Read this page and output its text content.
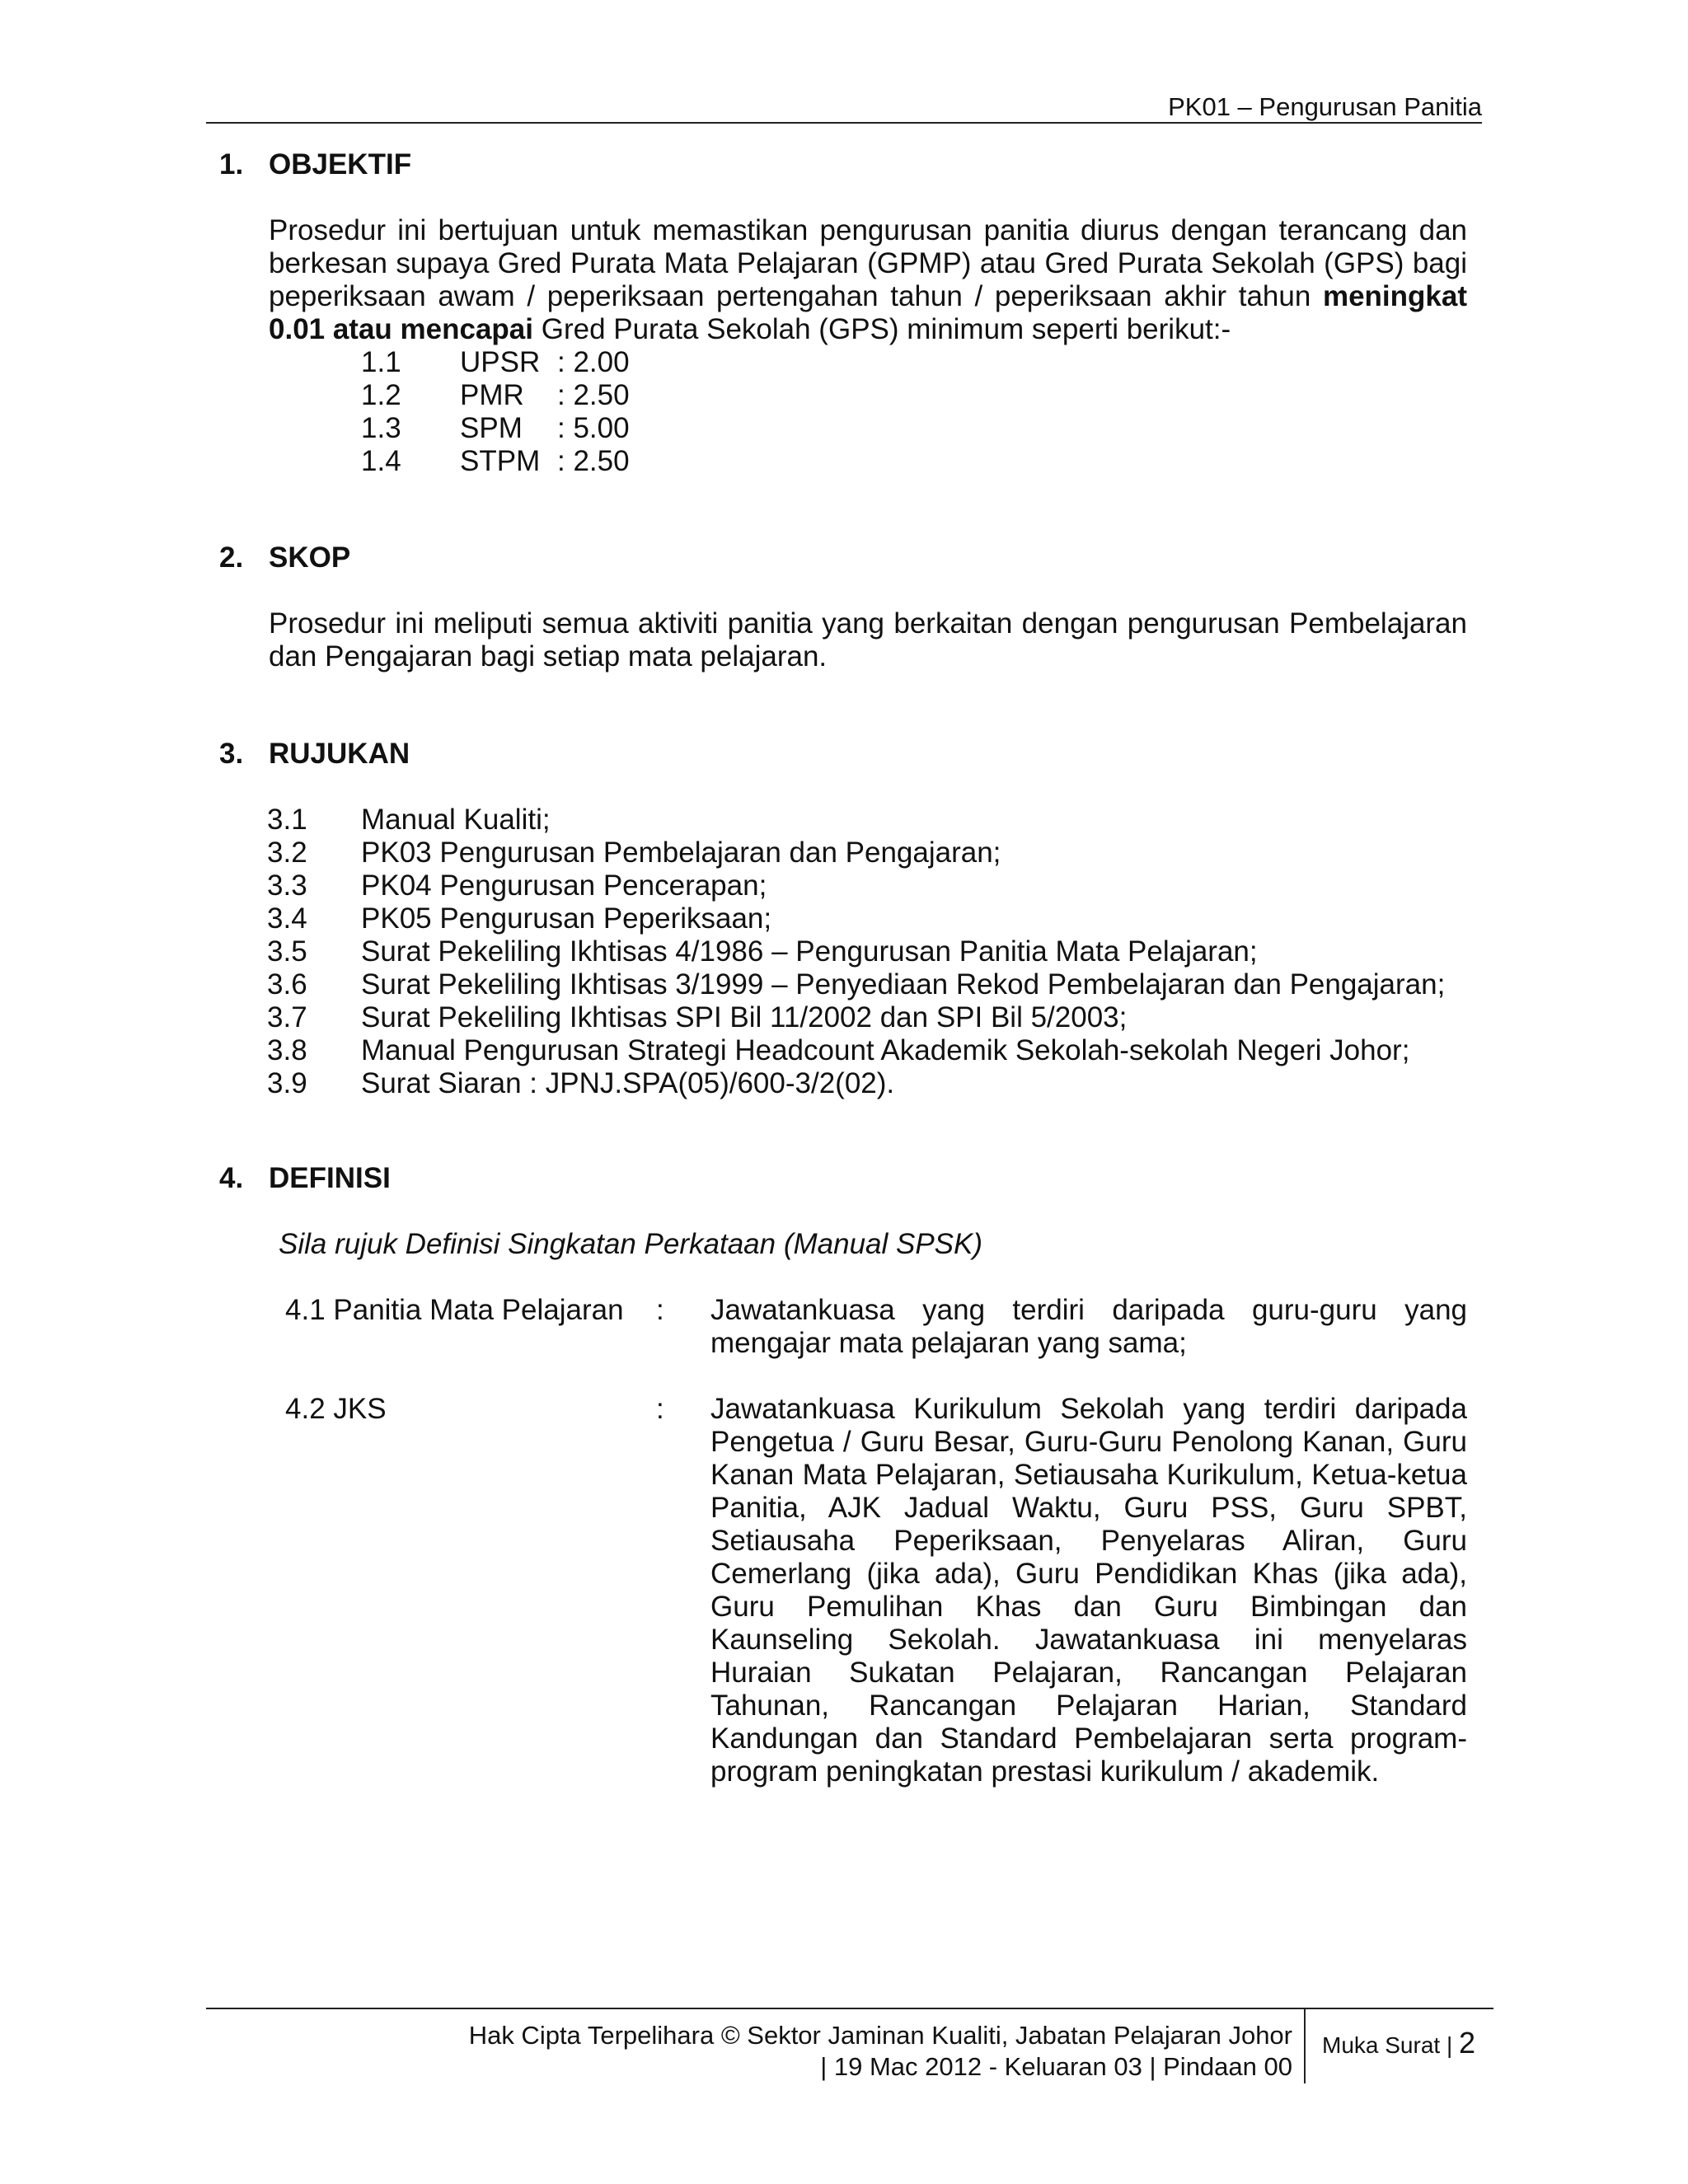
PK01 – Pengurusan Panitia
1. OBJEKTIF
Prosedur ini bertujuan untuk memastikan pengurusan panitia diurus dengan terancang dan berkesan supaya Gred Purata Mata Pelajaran (GPMP) atau Gred Purata Sekolah (GPS) bagi peperiksaan awam / peperiksaan pertengahan tahun / peperiksaan akhir tahun meningkat 0.01 atau mencapai Gred Purata Sekolah (GPS) minimum seperti berikut:-
1.1	UPSR : 2.00
1.2	PMR	: 2.50
1.3	SPM	: 5.00
1.4	STPM : 2.50
2. SKOP
Prosedur ini meliputi semua aktiviti panitia yang berkaitan dengan pengurusan Pembelajaran dan Pengajaran bagi setiap mata pelajaran.
3. RUJUKAN
3.1	Manual Kualiti;
3.2	PK03 Pengurusan Pembelajaran dan Pengajaran;
3.3	PK04 Pengurusan Pencerapan;
3.4	PK05 Pengurusan Peperiksaan;
3.5	Surat Pekeliling Ikhtisas 4/1986 – Pengurusan Panitia Mata Pelajaran;
3.6	Surat Pekeliling Ikhtisas 3/1999 – Penyediaan Rekod Pembelajaran dan Pengajaran;
3.7	Surat Pekeliling Ikhtisas SPI Bil 11/2002 dan SPI Bil 5/2003;
3.8	Manual Pengurusan Strategi Headcount Akademik Sekolah-sekolah Negeri Johor;
3.9	Surat Siaran : JPNJ.SPA(05)/600-3/2(02).
4. DEFINISI
Sila rujuk Definisi Singkatan Perkataan (Manual SPSK)
4.1 Panitia Mata Pelajaran	:	Jawatankuasa yang terdiri daripada guru-guru yang mengajar mata pelajaran yang sama;
4.2 JKS	:	Jawatankuasa Kurikulum Sekolah yang terdiri daripada Pengetua / Guru Besar, Guru-Guru Penolong Kanan, Guru Kanan Mata Pelajaran, Setiausaha Kurikulum, Ketua-ketua Panitia, AJK Jadual Waktu, Guru PSS, Guru SPBT, Setiausaha Peperiksaan, Penyelaras Aliran, Guru Cemerlang (jika ada), Guru Pendidikan Khas (jika ada), Guru Pemulihan Khas dan Guru Bimbingan dan Kaunseling Sekolah. Jawatankuasa ini menyelaras Huraian Sukatan Pelajaran, Rancangan Pelajaran Tahunan, Rancangan Pelajaran Harian, Standard Kandungan dan Standard Pembelajaran serta program-program peningkatan prestasi kurikulum / akademik.
Hak Cipta Terpelihara © Sektor Jaminan Kualiti, Jabatan Pelajaran Johor
| 19 Mac 2012 - Keluaran 03 | Pindaan 00
Muka Surat | 2
